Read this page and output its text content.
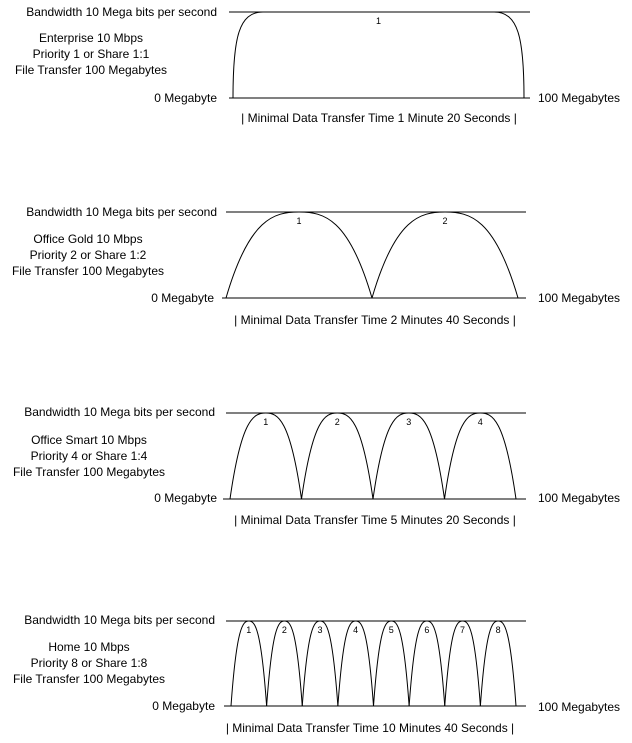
Bandwidth 10 Mega bits per second
Enterprise 10 Mbps
Priority 1 or Share 1:1
File Transfer 100 Megabytes
0 Megabyte	100 Megabytes
| Minimal Data Transfer Time 1 Minute 20 Seconds |
1
Bandwidth 10 Mega bits per second
Office Gold 10 Mbps
Priority 2 or Share 1:2
File Transfer 100 Megabytes
0 Megabyte	100 Megabytes
| Minimal Data Transfer Time 2 Minutes 40 Seconds |
1	2
Bandwidth 10 Mega bits per second
Office Smart 10 Mbps
Priority 4 or Share 1:4
File Transfer 100 Megabytes
0 Megabyte	100 Megabytes
| Minimal Data Transfer Time 5 Minutes 20 Seconds |
1	2	3	4
Bandwidth 10 Mega bits per second
Home 10 Mbps
Priority 8 or Share 1:8
File Transfer 100 Megabytes
0 Megabyte	100 Megabytes
| Minimal Data Transfer Time 10 Minutes 40 Seconds |
1	2	3	4	5	6	7	8
